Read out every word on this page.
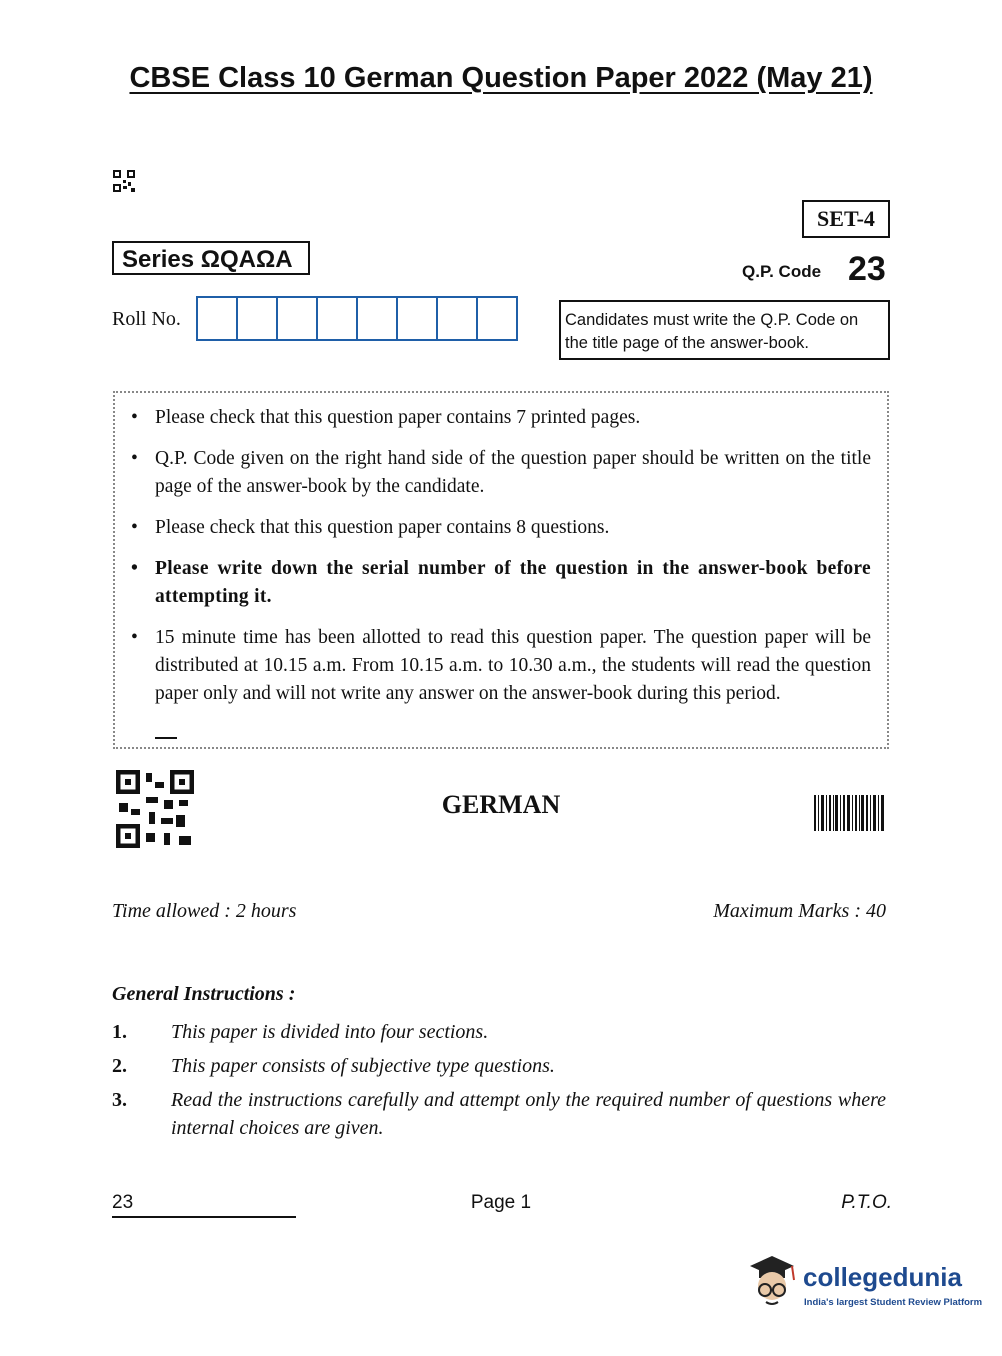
CBSE Class 10 German Question Paper 2022 (May 21)
SET-4
Series ΩQAΩA	Q.P. Code 23
Roll No.	Candidates must write the Q.P. Code on the title page of the answer-book.
• Please check that this question paper contains 7 printed pages.
• Q.P. Code given on the right hand side of the question paper should be written on the title page of the answer-book by the candidate.
• Please check that this question paper contains 8 questions.
• Please write down the serial number of the question in the answer-book before attempting it.
• 15 minute time has been allotted to read this question paper. The question paper will be distributed at 10.15 a.m. From 10.15 a.m. to 10.30 a.m., the students will read the question paper only and will not write any answer on the answer-book during this period.
GERMAN
Time allowed : 2 hours	Maximum Marks : 40
General Instructions :
1. This paper is divided into four sections.
2. This paper consists of subjective type questions.
3. Read the instructions carefully and attempt only the required number of questions where internal choices are given.
23	Page 1	P.T.O.
collegedunia
India's largest Student Review Platform
